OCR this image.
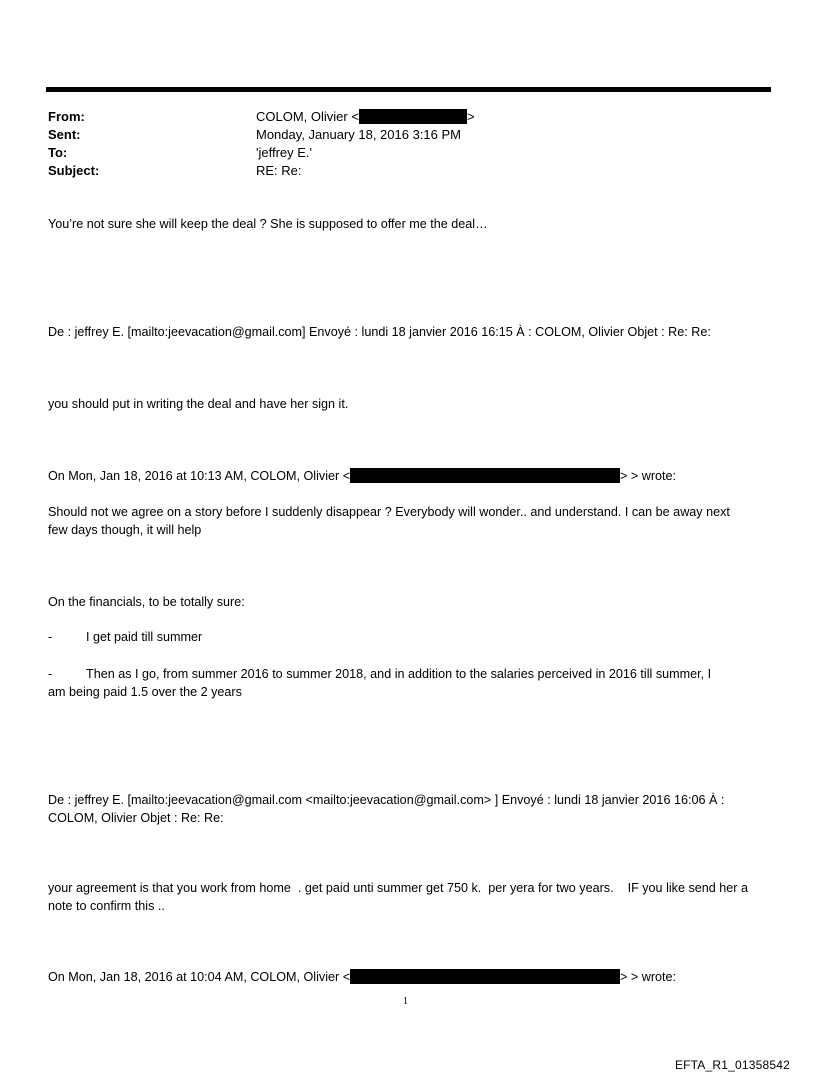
From:	COLOM, Olivier <	>
Sent:	Monday, January 18, 2016 3:16 PM
To:	'jeffrey E.'
Subject:	RE: Re:
You’re not sure she will keep the deal ? She is supposed to offer me the deal…
De : jeffrey E. [mailto:jeevacation@gmail.com] Envoyé : lundi 18 janvier 2016 16:15 À : COLOM, Olivier Objet : Re: Re:
you should put in writing the deal and have her sign it.
On Mon, Jan 18, 2016 at 10:13 AM, COLOM, Olivier <	> > wrote:
Should not we agree on a story before I suddenly disappear ? Everybody will wonder.. and understand. I can be away next few days though, it will help
On the financials, to be totally sure:
-	I get paid till summer
-	Then as I go, from summer 2016 to summer 2018, and in addition to the salaries perceived in 2016 till summer, I
am being paid 1.5 over the 2 years
De : jeffrey E. [mailto:jeevacation@gmail.com <mailto:jeevacation@gmail.com> ] Envoyé : lundi 18 janvier 2016 16:06 À : COLOM, Olivier Objet : Re: Re:
your agreement is that you work from home  . get paid unti summer get 750 k.  per yera for two years.    IF you like send her a note to confirm this ..
On Mon, Jan 18, 2016 at 10:04 AM, COLOM, Olivier <	> > wrote:
1
EFTA_R1_01358542
